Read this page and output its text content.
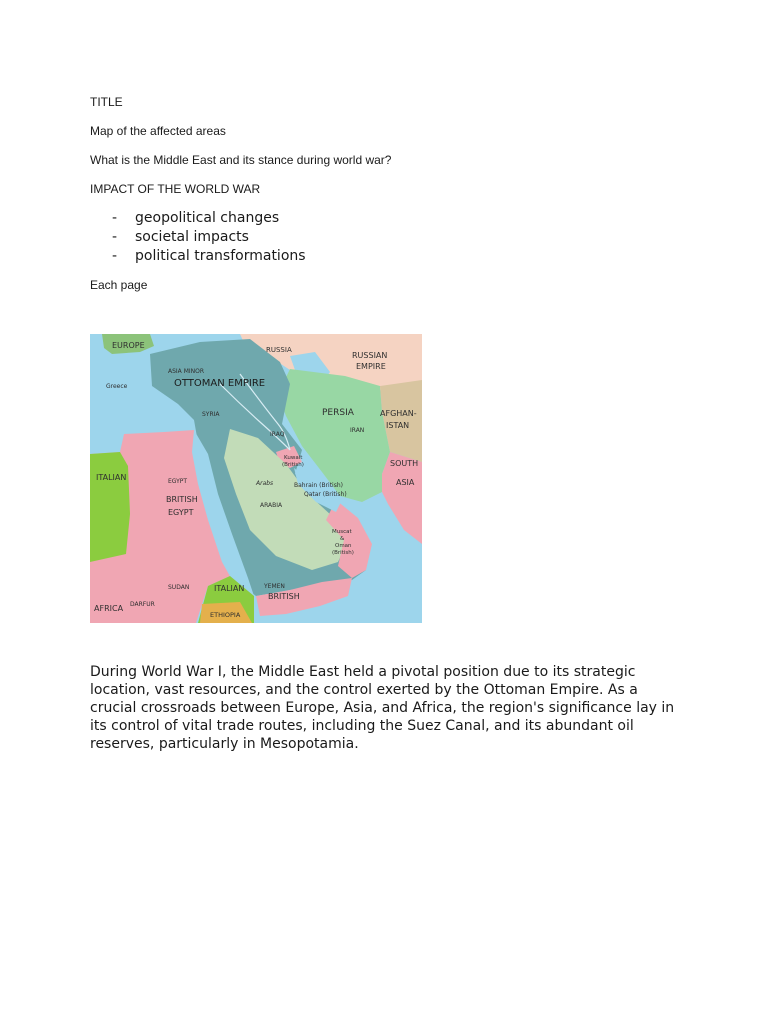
TITLE
Map of the affected areas
What is the Middle East and its stance during world war?
IMPACT OF THE WORLD WAR
- geopolitical changes
- societal impacts
- political transformations
Each page
EUROPE	RUSSIA
RUSSIAN
EMPIRE
ASIA MINOR
OTTOMAN EMPIRE
Greece
SYRIA	PERSIA
IRAN
AFGHAN-
ISTAN
IRAQ
Kuwait
(British)
ITALIAN	EGYPT
BRITISH
EGYPT
Arabs	Bahrain (British)
Qatar (British)
ARABIA
SOUTH
ASIA
Muscat
&
Oman
(British)
SUDAN	ITALIAN	YEMEN
AFRICA DARFUR
BRITISH
ETHIOPIA

During World War I, the Middle East held a pivotal position due to its strategic

location, vast resources, and the control exerted by the Ottoman Empire. As a

crucial crossroads between Europe, Asia, and Africa, the region's significance lay in

its control of vital trade routes, including the Suez Canal, and its abundant oil

reserves, particularly in Mesopotamia.
